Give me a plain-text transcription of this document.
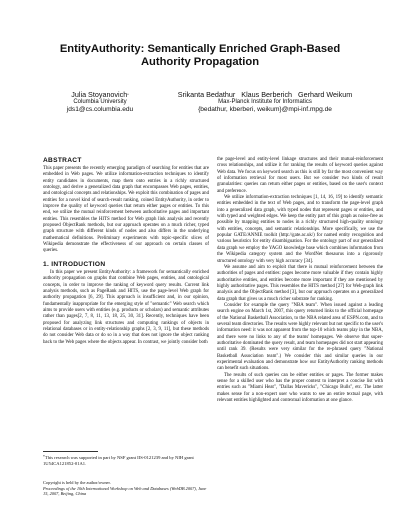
EntityAuthority: Semantically Enriched Graph-Based
Authority Propagation
Julia Stoyanovich*
Columbia University
jds1@cs.columbia.edu
Srikanta Bedathur   Klaus Berberich   Gerhard Weikum
Max-Planck Institute for Informatics
{bedathur, kberberi, weikum}@mpi-inf.mpg.de
ABSTRACT

This paper presents the recently emerging paradigm of searching for entities that are embedded in Web pages. We utilize information-extraction techniques to identify entity candidates in documents, map them onto entries in a richly structured ontology, and derive a generalized data graph that encompasses Web pages, entities, and ontological concepts and relationships. We exploit this combination of pages and entities for a novel kind of search-result ranking, coined EntityAuthority, in order to improve the quality of keyword queries that return either pages or entities. To this end, we utilize the mutual reinforcement between authoritative pages and important entities. This resembles the HITS method for Web graph link analysis and recently proposed ObjectRank methods, but our approach operates on a much richer, typed graph structure with different kinds of nodes and also differs in the underlying mathematical definitions. Preliminary experiments with topic-specific slices of Wikipedia demonstrate the effectiveness of our approach on certain classes of queries.

1. INTRODUCTION

In this paper we present EntityAuthority: a framework for semantically enriched authority propagation on graphs that combine Web pages, entities, and ontological concepts, in order to improve the ranking of keyword query results. Current link analysis methods, such as PageRank and HITS, use the page-level Web graph for authority propagation [6, 29]. This approach is insufficient and, in our opinion, fundamentally inappropriate for the emerging style of "semantic" Web search which aims to provide users with entities (e.g. products or scholars) and semantic attributes rather than pages[2, 7, 8, 11, 13, 18, 25, 30, 31]. Recently, techniques have been proposed for analyzing link structures and computing rankings of objects in relational databases or in entity-relationship graphs [2, 3, 9, 11], but these methods do not consider Web data or do so in a way that does not ignore the object ranking back to the Web pages where the objects appear. In contrast, we jointly consider both

*This research was supported in part by NSF grant IIS-0121239 and by NIH grant 1U54CA121852-01A1.
Copyright is held by the author/owner.
Proceedings of the 10th International Workshop on Web and Databases (WebDB 2007), June 15, 2007, Beijing, China

the page-level and entity-level linkage structures and their mutual-reinforcement cross relationships, and utilize it for ranking the results of keyword queries against Web data. We focus on keyword search as this is still by far the most convenient way of information retrieval for most users. But we consider two kinds of result granularities: queries can return either pages or entities, based on the user's context and preference.

We utilize information-extraction techniques [1, 14, 16, 19] to identify semantic entities embedded in the text of Web pages, and to transform the page-level graph into a generalized data graph, with typed nodes that represent pages or entities, and with typed and weighted edges. We keep the entity part of this graph as noise-free as possible by mapping entities to nodes in a richly structured high-quality ontology with entities, concepts, and semantic relationships. More specifically, we use the popular GATE/ANNIE toolkit (http://gate.ac.uk/) for named entity recognition and various heuristics for entity disambiguation. For the ontology part of our generalized data graph we employ the YAGO knowledge base which combines information from the Wikipedia category system and the WordNet thesaurus into a rigorously structured ontology with very high accuracy [34].

We assume and aim to exploit that there is mutual reinforcement between the authorities of pages and entities: pages become more valuable if they contain highly authoritative entities, and entities become more important if they are mentioned by highly authoritative pages. This resembles the HITS method [27] for Web-graph link analysis and the ObjectRank method [3], but our approach operates on a generalized data graph that gives us a much richer substrate for ranking.

Consider for example the query "NBA team". When issued against a leading search engine on March 1st, 2007, this query returned links to the official homepage of the National Basketball Association, to the NBA related area of ESPN.com, and to several team directories. The results were highly relevant but not specific to the user's information need: it was not apparent from the top-10 which teams play in the NBA, and there were no links to any of the teams' homepages. We observe that super-authoritative dominated the query result, and team homepages did not start appearing until rank 39. (Results were very similar for the re-phrased query "National Basketball Association team".) We consider this and similar queries in our experimental evaluation and demonstrate how our EntityAuthority ranking methods can benefit such situations.

The results of such queries can be either entities or pages. The former makes sense for a skilled user who has the proper context to interpret a concise list with entries such as "Miami Heat", "Dallas Mavericks", "Chicago Bulls", etc. The latter makes sense for a non-expert user who wants to see an entire textual page, with relevant entities highlighted and contextual information at one glance.
